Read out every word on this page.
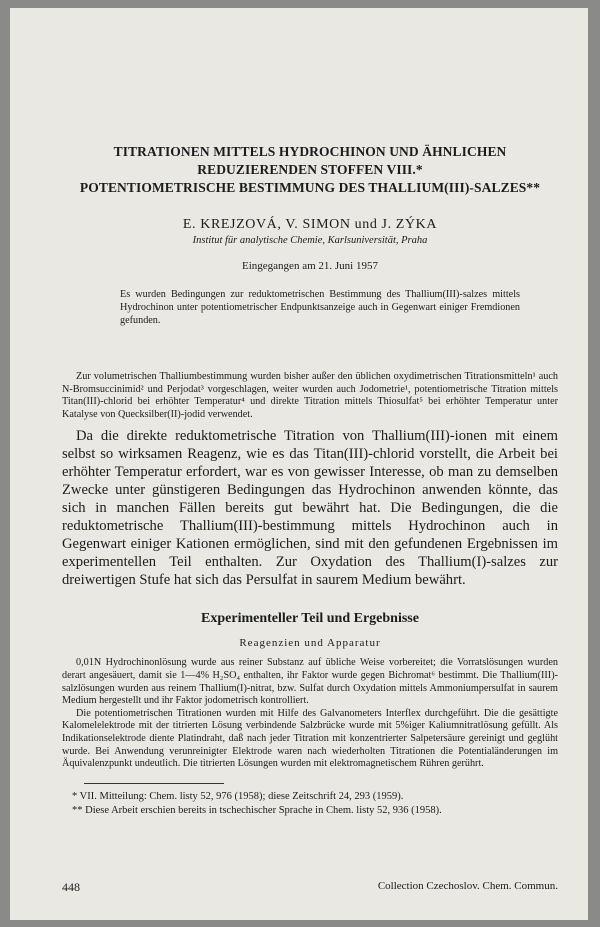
TITRATIONEN MITTELS HYDROCHINON UND ÄHNLICHEN
REDUZIERENDEN STOFFEN VIII.*
POTENTIOMETRISCHE BESTIMMUNG DES THALLIUM(III)-SALZES**
E. KREJZOVÁ, V. SIMON und J. ZÝKA
Institut für analytische Chemie, Karlsuniversität, Praha
Eingegangen am 21. Juni 1957
Es wurden Bedingungen zur reduktometrischen Bestimmung des Thallium(III)-salzes mittels Hydrochinon unter potentiometrischer Endpunktsanzeige auch in Gegenwart einiger Fremdionen gefunden.
Zur volumetrischen Thalliumbestimmung wurden bisher außer den üblichen oxydimetrischen Titrationsmitteln¹ auch N-Bromsuccinimid² und Perjodat³ vorgeschlagen, weiter wurden auch Jodometrie¹, potentiometrische Titration mittels Titan(III)-chlorid bei erhöhter Temperatur⁴ und direkte Titration mittels Thiosulfat⁵ bei erhöhter Temperatur unter Katalyse von Quecksilber(II)-jodid verwendet.
Da die direkte reduktometrische Titration von Thallium(III)-ionen mit einem selbst so wirksamen Reagenz, wie es das Titan(III)-chlorid vorstellt, die Arbeit bei erhöhter Temperatur erfordert, war es von gewisser Interesse, ob man zu demselben Zwecke unter günstigeren Bedingungen das Hydrochinon anwenden könnte, das sich in manchen Fällen bereits gut bewährt hat. Die Bedingungen, die die reduktometrische Thallium(III)-bestimmung mittels Hydrochinon auch in Gegenwart einiger Kationen ermöglichen, sind mit den gefundenen Ergebnissen im experimentellen Teil enthalten. Zur Oxydation des Thallium(I)-salzes zur dreiwertigen Stufe hat sich das Persulfat in saurem Medium bewährt.
Experimenteller Teil und Ergebnisse
Reagenzien und Apparatur
0,01N Hydrochinonlösung wurde aus reiner Substanz auf übliche Weise vorbereitet; die Vorratslösungen wurden derart angesäuert, damit sie 1—4% H₂SO₄ enthalten, ihr Faktor wurde gegen Bichromat⁶ bestimmt. Die Thallium(III)-salzlösungen wurden aus reinem Thallium(I)-nitrat, bzw. Sulfat durch Oxydation mittels Ammoniumpersulfat in saurem Medium hergestellt und ihr Faktor jodometrisch kontrolliert.
Die potentiometrischen Titrationen wurden mit Hilfe des Galvanometers Interflex durchgeführt. Die die gesättigte Kalomelelektrode mit der titrierten Lösung verbindende Salzbrücke wurde mit 5%iger Kaliumnitratlösung gefüllt. Als Indikationselektrode diente Platindraht, daß nach jeder Titration mit konzentrierter Salpetersäure gereinigt und geglüht wurde. Bei Anwendung verunreinigter Elektrode waren nach wiederholten Titrationen die Potentialänderungen im Äquivalenzpunkt undeutlich. Die titrierten Lösungen wurden mit elektromagnetischem Rühren gerührt.
* VII. Mitteilung: Chem. listy 52, 976 (1958); diese Zeitschrift 24, 293 (1959).
** Diese Arbeit erschien bereits in tschechischer Sprache in Chem. listy 52, 936 (1958).
448	Collection Czechoslov. Chem. Commun.
